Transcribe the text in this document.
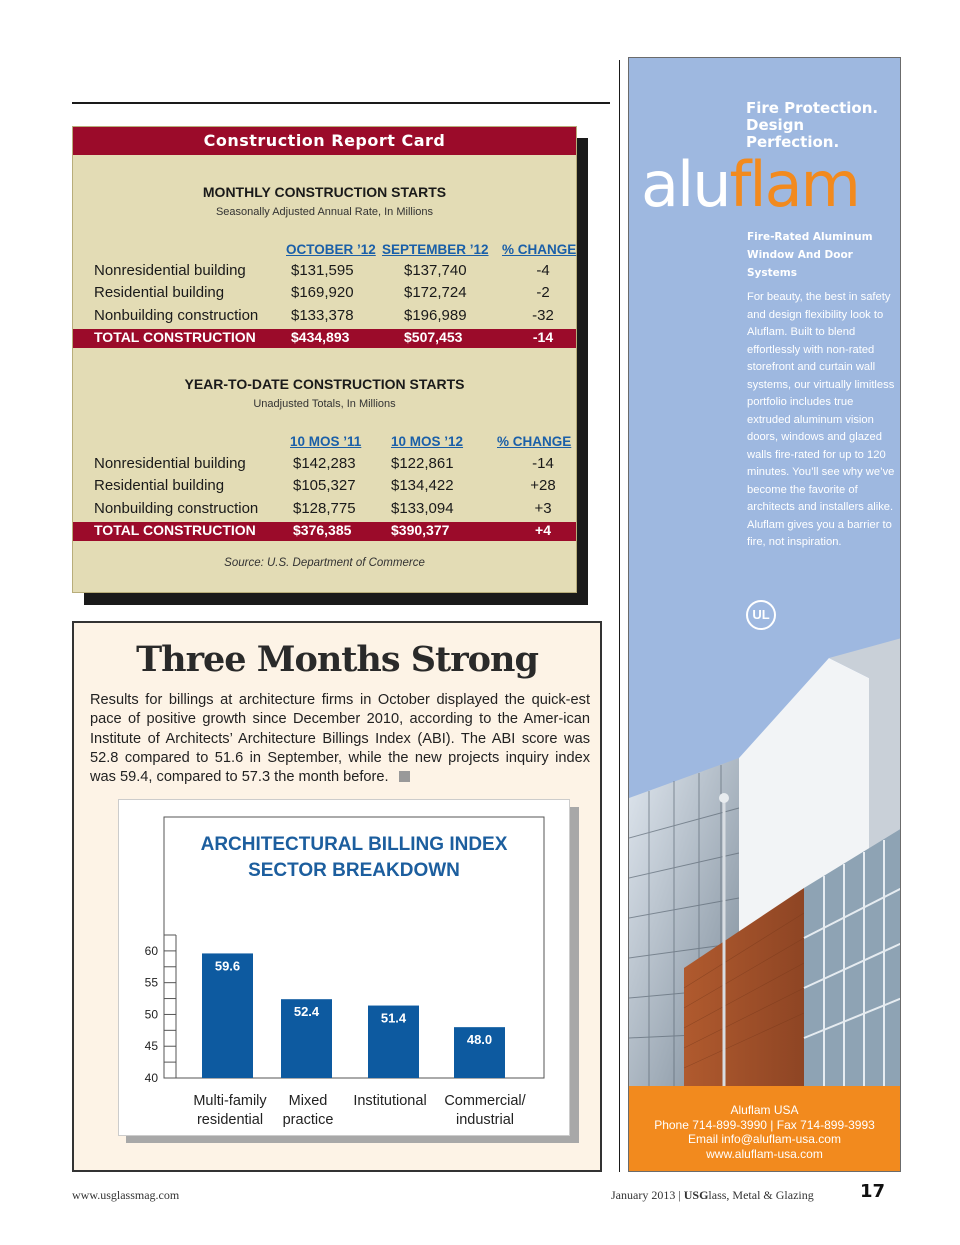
Construction Report Card
MONTHLY CONSTRUCTION STARTS
Seasonally Adjusted Annual Rate, In Millions
OCTOBER ’12 SEPTEMBER ’12 % CHANGE
Nonresidential building	$131,595	$137,740	-4
Residential building	$169,920	$172,724	-2
Nonbuilding construction $133,378	$196,989	-32
TOTAL CONSTRUCTION	$434,893	$507,453	-14
YEAR-TO-DATE CONSTRUCTION STARTS
Unadjusted Totals, In Millions
10 MOS ’11 10 MOS ’12	% CHANGE
Nonresidential building	$142,283 $122,861	-14
Residential building	$105,327 $134,422	+28
Nonbuilding construction $128,775 $133,094	+3
TOTAL CONSTRUCTION	$376,385	$390,377	+4
Source: U.S. Department of Commerce
Three Months Strong
Results for billings at architecture firms in October displayed the quick-est pace of positive growth since December 2010, according to the Amer-ican Institute of Architects’ Architecture Billings Index (ABI). The ABI score was 52.8 compared to 51.6 in September, while the new projects inquiry index was 59.4, compared to 57.3 the month before.
ARCHITECTURAL BILLING INDEX
SECTOR BREAKDOWN
40
45
50
55
60
59.6
52.4	51.4
48.0
Multi-family
residential
Mixed
practice
Institutional Commercial/
industrial
Fire Protection.
Design Perfection.
aluflam
Fire-Rated Aluminum Window And Door Systems
For beauty, the best in safety and design flexibility look to Aluflam. Built to blend effortlessly with non-rated storefront and curtain wall systems, our virtually limitless portfolio includes true extruded aluminum vision doors, windows and glazed walls fire-rated for up to 120 minutes. You’ll see why we’ve become the favorite of architects and installers alike. Aluflam gives you a barrier to fire, not inspiration.
UL
Aluflam USA
Phone 714-899-3990 | Fax 714-899-3993
Email info@aluflam-usa.com
www.aluflam-usa.com
www.usglassmag.com	January 2013 | USGlass, Metal & Glazing	17
